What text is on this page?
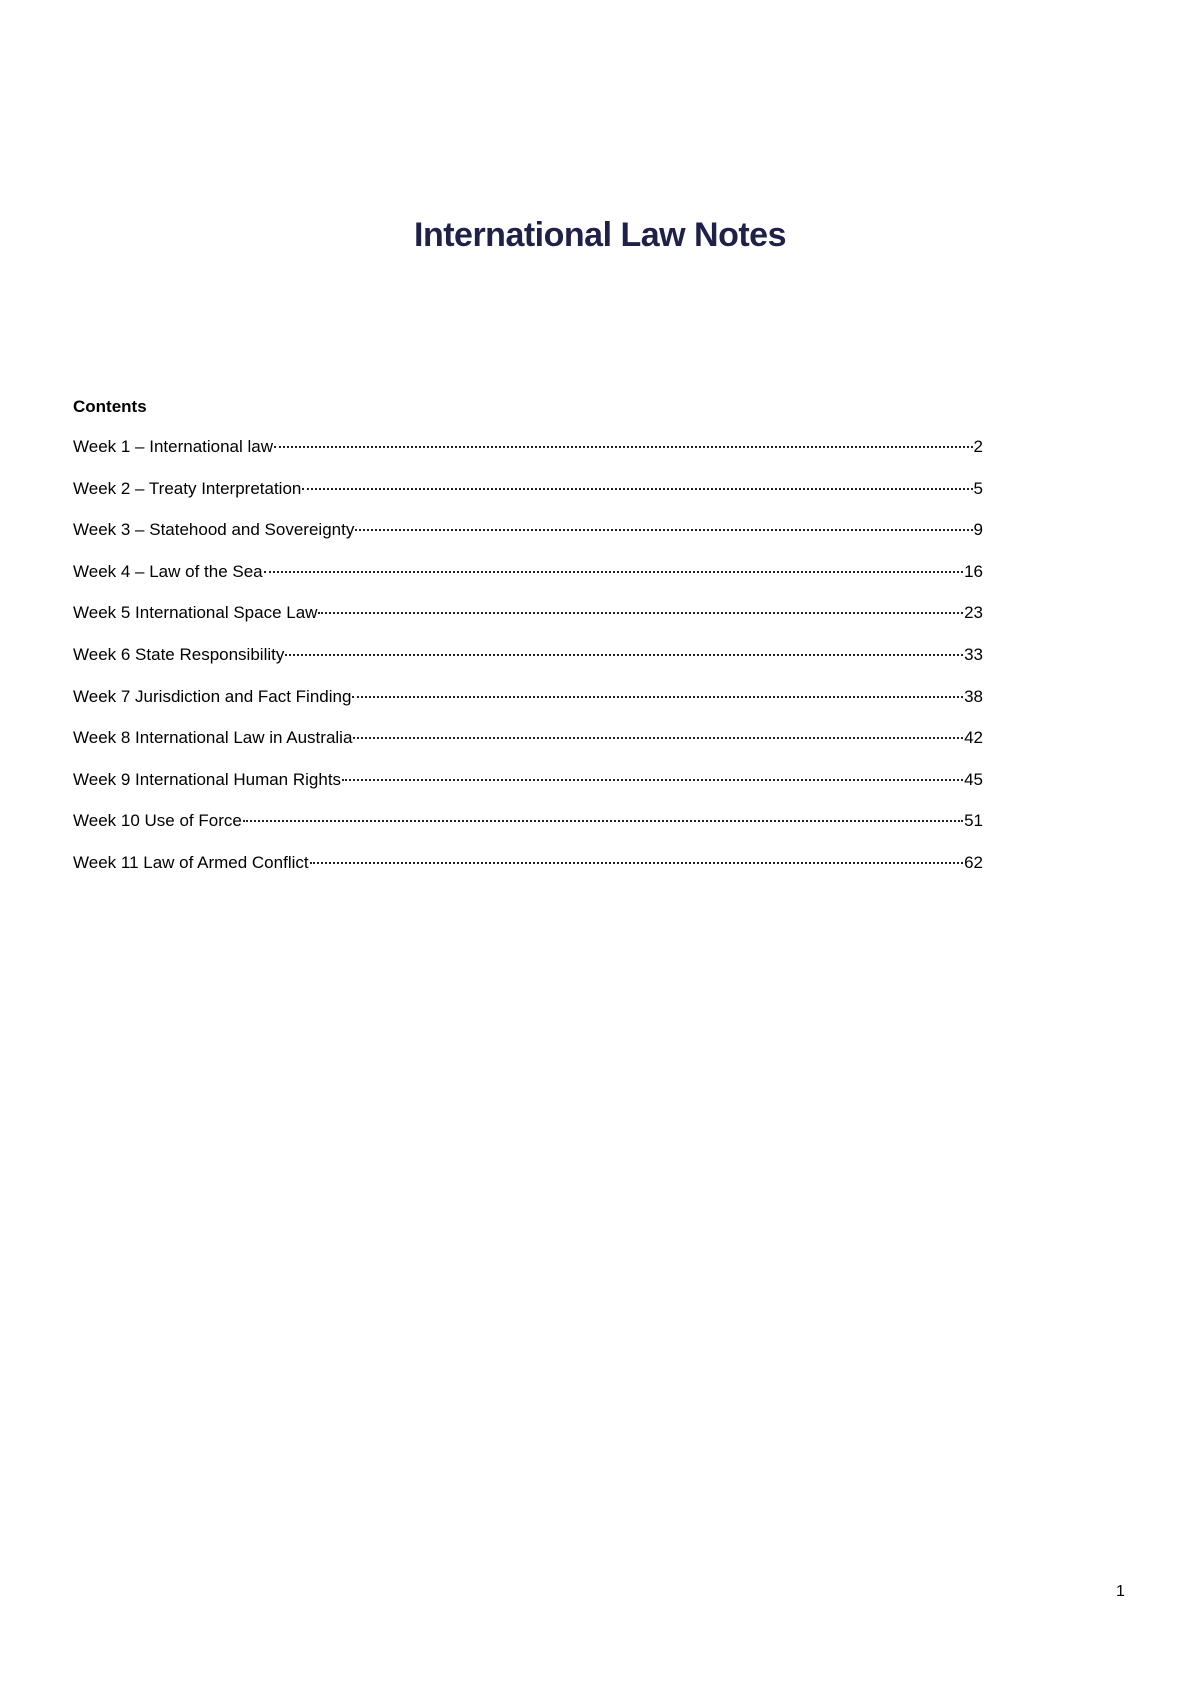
International Law Notes
Contents
Week 1 – International law	2
Week 2 – Treaty Interpretation	5
Week 3 – Statehood and Sovereignty	9
Week 4 – Law of the Sea	16
Week 5 International Space Law	23
Week 6 State Responsibility	33
Week 7 Jurisdiction and Fact Finding	38
Week 8 International Law in Australia	42
Week 9 International Human Rights	45
Week 10 Use of Force	51
Week 11 Law of Armed Conflict	62
1
